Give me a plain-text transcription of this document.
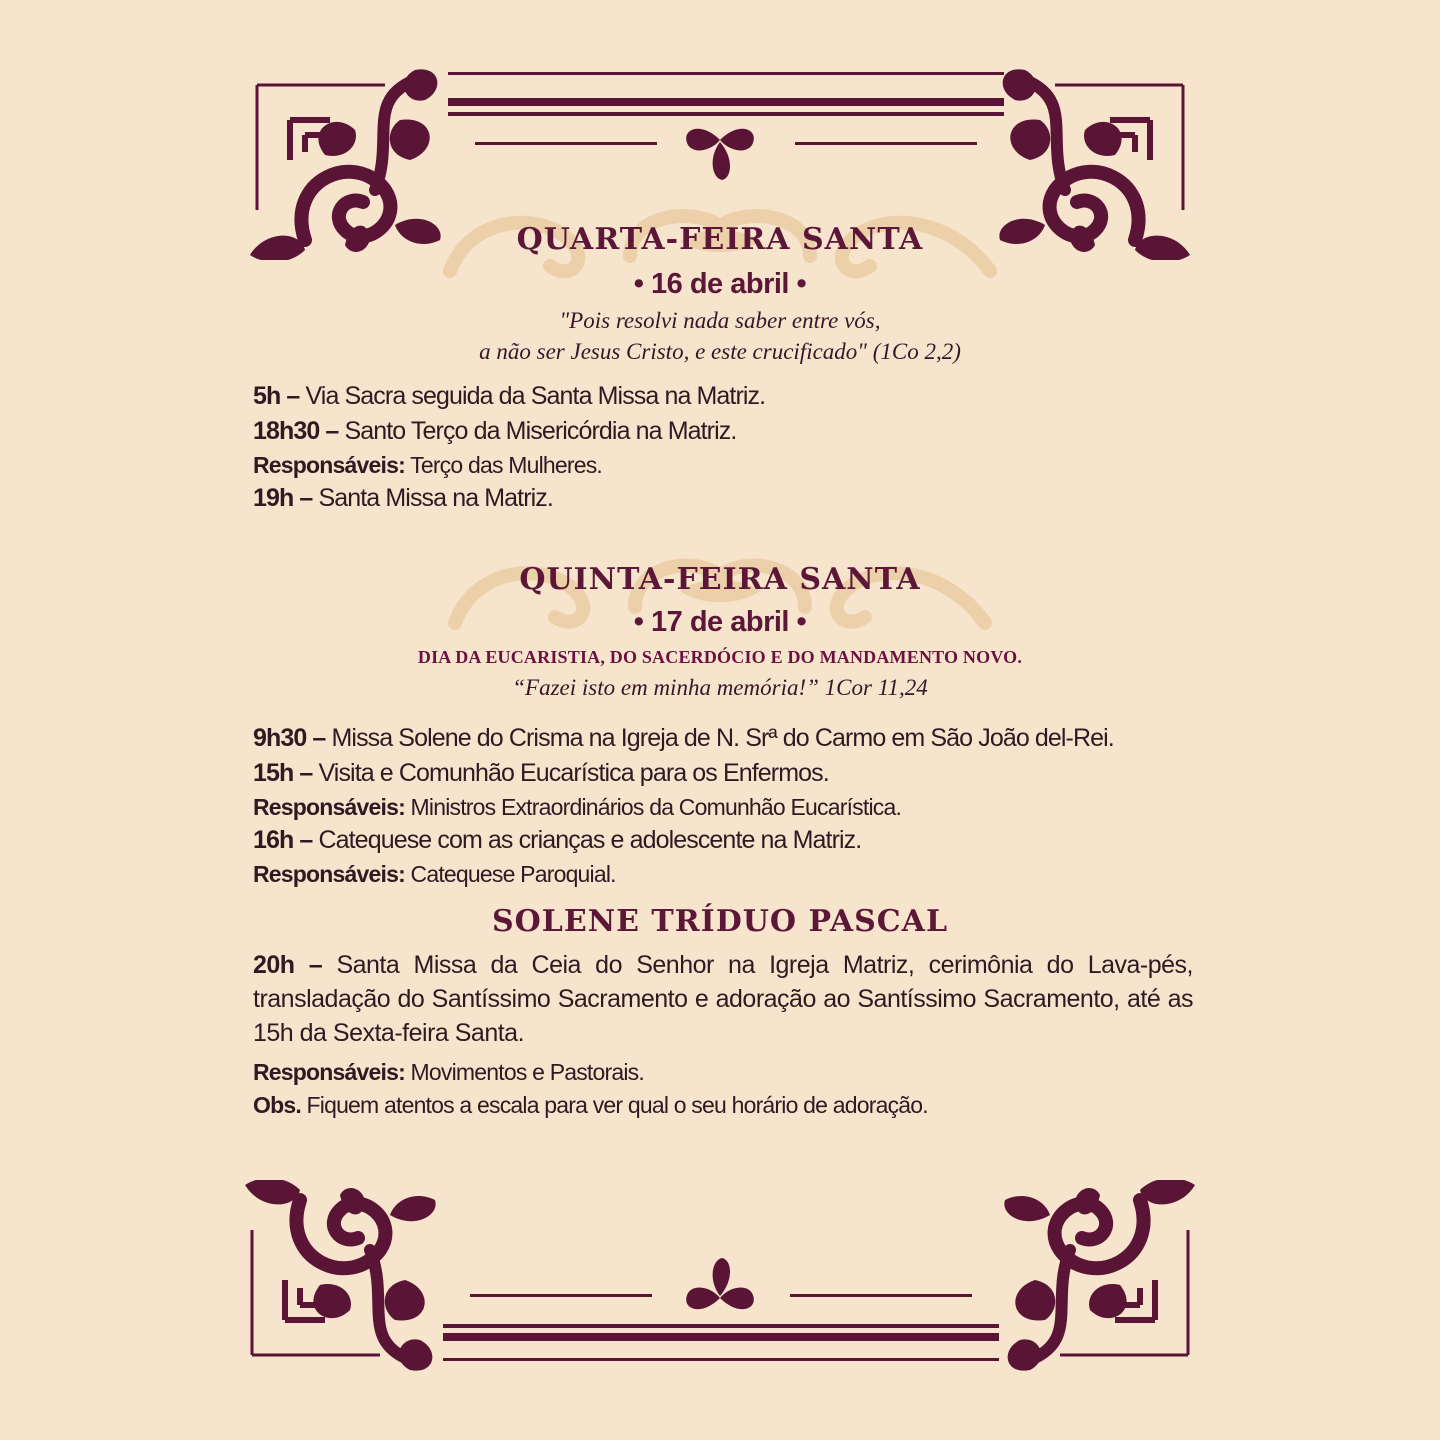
QUARTA-FEIRA SANTA
• 16 de abril •
"Pois resolvi nada saber entre vós,
a não ser Jesus Cristo, e este crucificado" (1Co 2,2)
5h – Via Sacra seguida da Santa Missa na Matriz.
18h30 – Santo Terço da Misericórdia na Matriz.
Responsáveis: Terço das Mulheres.
19h – Santa Missa na Matriz.
QUINTA-FEIRA SANTA
• 17 de abril •
DIA DA EUCARISTIA, DO SACERDÓCIO E DO MANDAMENTO NOVO.
“Fazei isto em minha memória!” 1Cor 11,24
9h30 – Missa Solene do Crisma na Igreja de N. Srª do Carmo em São João del-Rei.
15h – Visita e Comunhão Eucarística para os Enfermos.
Responsáveis: Ministros Extraordinários da Comunhão Eucarística.
16h – Catequese com as crianças e adolescente na Matriz.
Responsáveis: Catequese Paroquial.
SOLENE TRÍDUO PASCAL
20h – Santa Missa da Ceia do Senhor na Igreja Matriz, cerimônia do Lava-pés, transladação do Santíssimo Sacramento e adoração ao Santíssimo Sacramento, até as 15h da Sexta-feira Santa.
Responsáveis: Movimentos e Pastorais.
Obs. Fiquem atentos a escala para ver qual o seu horário de adoração.
